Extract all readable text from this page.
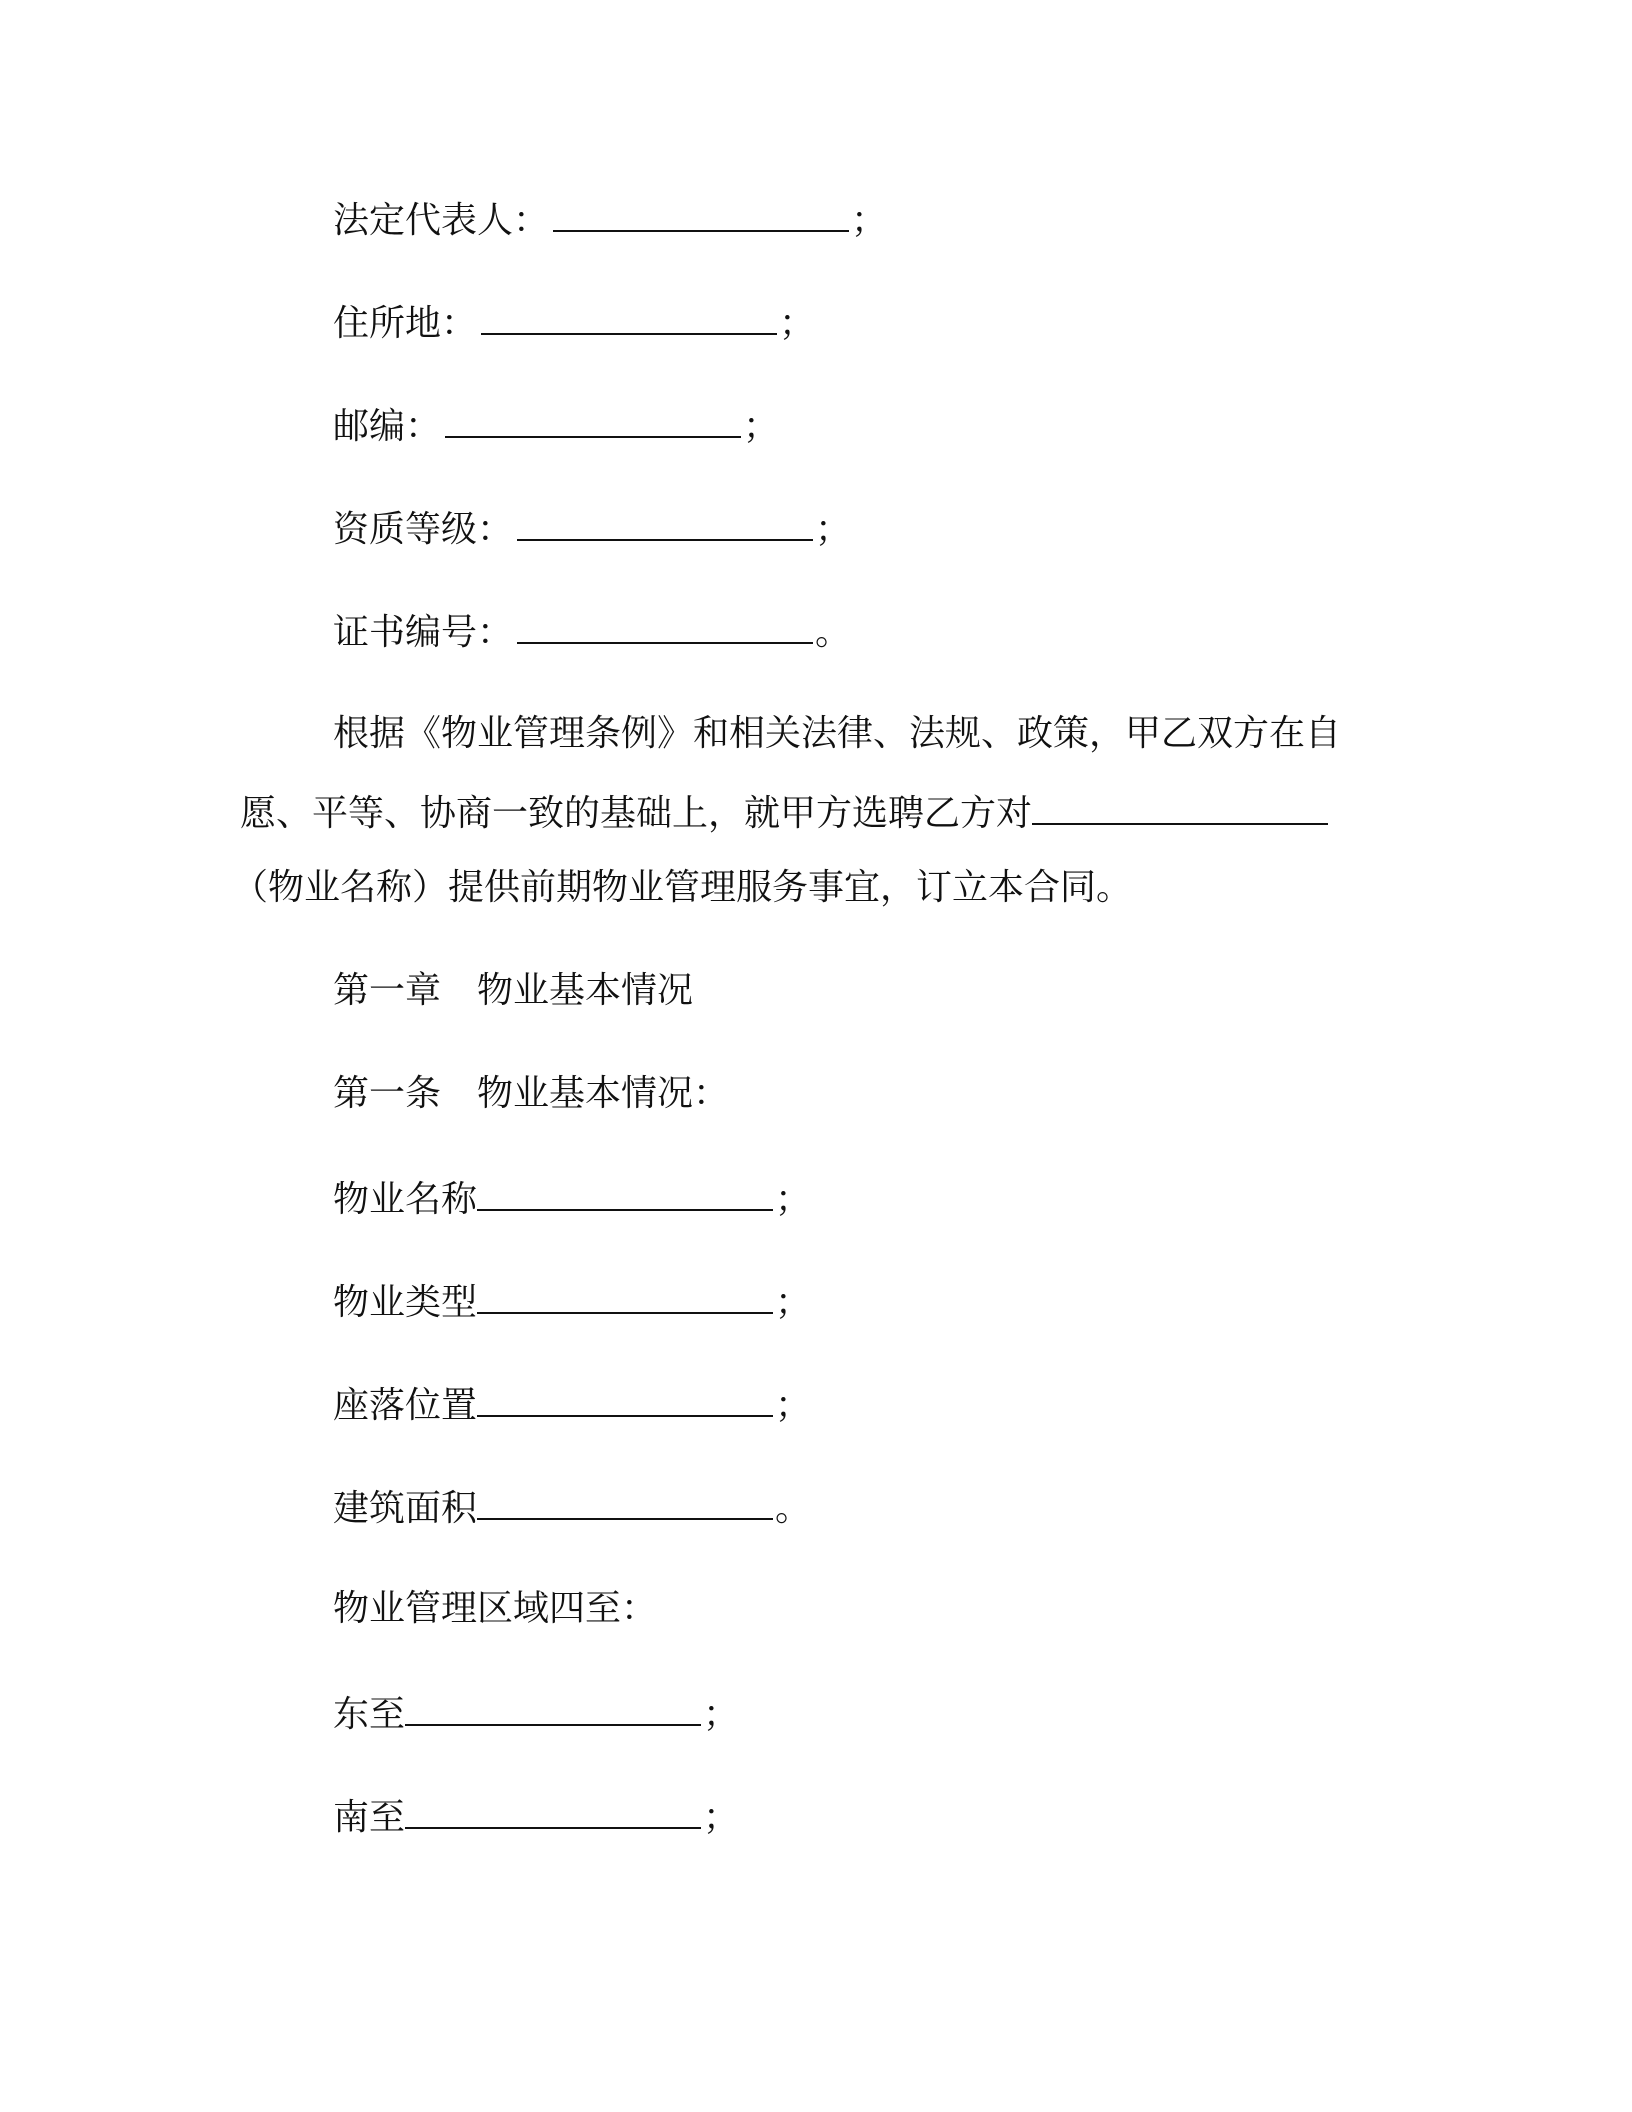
法定代表人：	；
住所地：	；
邮编：	；
资质等级：	；
证书编号：	。
根据《物业管理条例》和相关法律、法规、政策，甲乙双方在自
愿、平等、协商一致的基础上，就甲方选聘乙方对
（物业名称）提供前期物业管理服务事宜，订立本合同。
第一章　物业基本情况
第一条　物业基本情况：
物业名称	；
物业类型	；
座落位置	；
建筑面积	。
物业管理区域四至：
东至	；
南至	；
